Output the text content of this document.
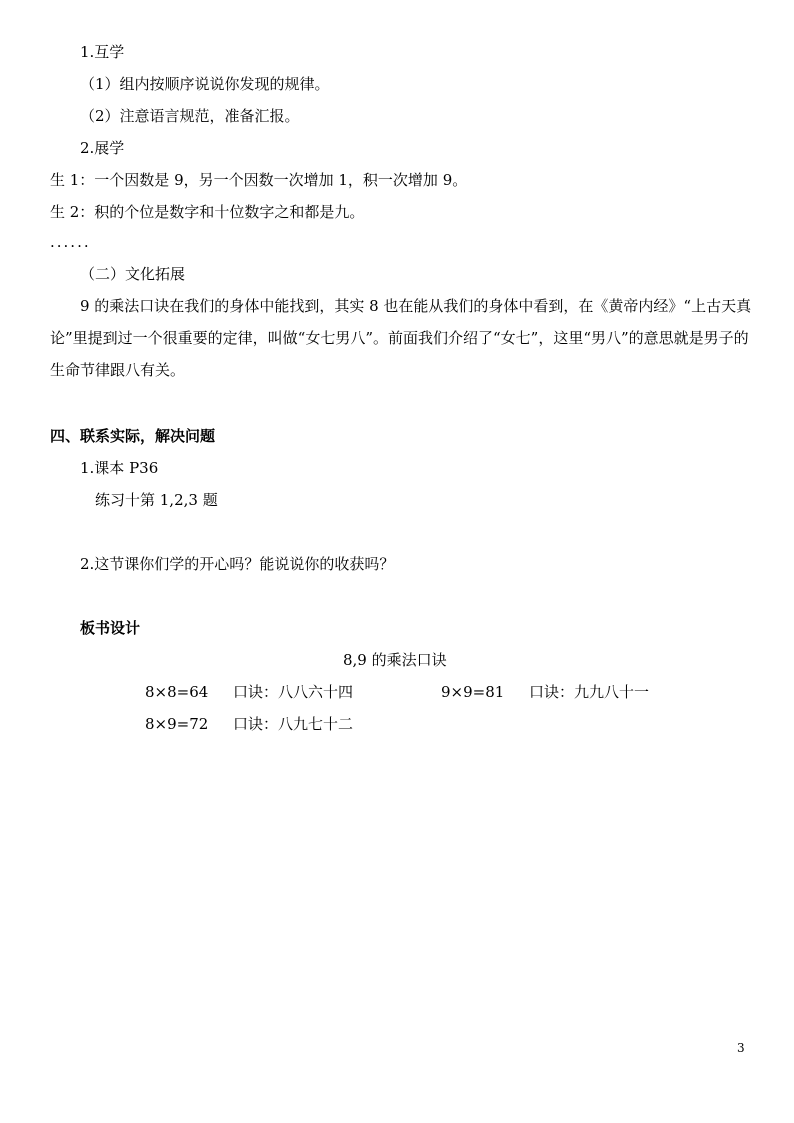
1.互学
（1）组内按顺序说说你发现的规律。
（2）注意语言规范，准备汇报。
2.展学
生 1：一个因数是 9，另一个因数一次增加 1，积一次增加 9。
生 2：积的个位是数字和十位数字之和都是九。
......
（二）文化拓展
9 的乘法口诀在我们的身体中能找到，其实 8 也在能从我们的身体中看到，在《黄帝内经》“上古天真论”里提到过一个很重要的定律，叫做“女七男八”。前面我们介绍了“女七”，这里“男八”的意思就是男子的生命节律跟八有关。
四、联系实际，解决问题
1.课本 P36
练习十第 1,2,3 题
2.这节课你们学的开心吗？能说说你的收获吗？
板书设计
8,9 的乘法口诀
8×8=64 口诀：八八六十四	9×9=81 口诀：九九八十一
8×9=72 口诀：八九七十二
3
